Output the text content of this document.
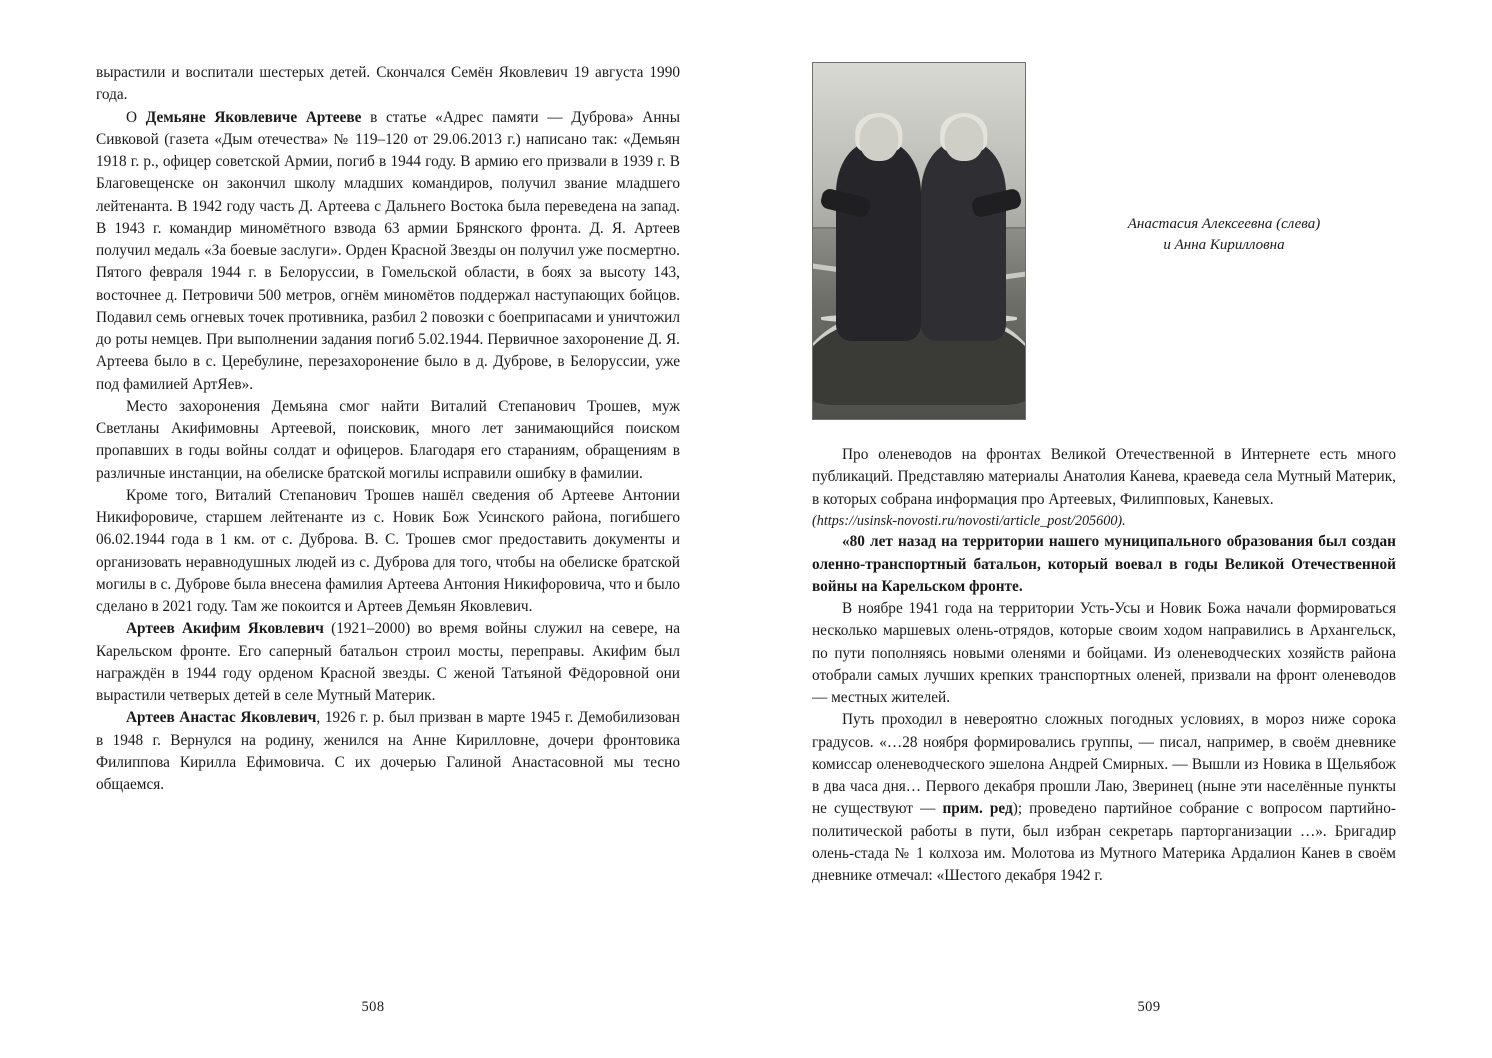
вырастили и воспитали шестерых детей. Скончался Семён Яковлевич 19 августа 1990 года.

О Демьяне Яковлевиче Артееве в статье «Адрес памяти — Дуброва» Анны Сивковой (газета «Дым отечества» № 119–120 от 29.06.2013 г.) написано так: «Демьян 1918 г. р., офицер советской Армии, погиб в 1944 году. В армию его призвали в 1939 г. В Благовещенске он закончил школу младших командиров, получил звание младшего лейтенанта. В 1942 году часть Д. Артеева с Дальнего Востока была переведена на запад. В 1943 г. командир миномётного взвода 63 армии Брянского фронта. Д. Я. Артеев получил медаль «За боевые заслуги». Орден Красной Звезды он получил уже посмертно. Пятого февраля 1944 г. в Белоруссии, в Гомельской области, в боях за высоту 143, восточнее д. Петровичи 500 метров, огнём миномётов поддержал наступающих бойцов. Подавил семь огневых точек противника, разбил 2 повозки с боеприпасами и уничтожил до роты немцев. При выполнении задания погиб 5.02.1944. Первичное захоронение Д. Я. Артеева было в с. Церебулине, перезахоронение было в д. Дуброве, в Белоруссии, уже под фамилией АртЯев».

Место захоронения Демьяна смог найти Виталий Степанович Трошев, муж Светланы Акифимовны Артеевой, поисковик, много лет занимающийся поиском пропавших в годы войны солдат и офицеров. Благодаря его стараниям, обращениям в различные инстанции, на обелиске братской могилы исправили ошибку в фамилии.

Кроме того, Виталий Степанович Трошев нашёл сведения об Артееве Антонии Никифоровиче, старшем лейтенанте из с. Новик Бож Усинского района, погибшего 06.02.1944 года в 1 км. от с. Дуброва. В. С. Трошев смог предоставить документы и организовать неравнодушных людей из с. Дуброва для того, чтобы на обелиске братской могилы в с. Дуброве была внесена фамилия Артеева Антония Никифоровича, что и было сделано в 2021 году. Там же покоится и Артеев Демьян Яковлевич.

Артеев Акифим Яковлевич (1921–2000) во время войны служил на севере, на Карельском фронте. Его саперный батальон строил мосты, переправы. Акифим был награждён в 1944 году орденом Красной звезды. С женой Татьяной Фёдоровной они вырастили четверых детей в селе Мутный Материк.

Артеев Анастас Яковлевич, 1926 г. р. был призван в марте 1945 г. Демобилизован в 1948 г. Вернулся на родину, женился на Анне Кирилловне, дочери фронтовика Филиппова Кирилла Ефимовича. С их дочерью Галиной Анастасовной мы тесно общаемся.

508
Анастасия Алексеевна (слева)
и Анна Кирилловна

Про оленеводов на фронтах Великой Отечественной в Интернете есть много публикаций. Представляю материалы Анатолия Канева, краеведа села Мутный Материк, в которых собрана информация про Артеевых, Филипповых, Каневых.

(https://usinsk-novosti.ru/novosti/article_post/205600).

«80 лет назад на территории нашего муниципального образования был создан оленно-транспортный батальон, который воевал в годы Великой Отечественной войны на Карельском фронте.

В ноябре 1941 года на территории Усть-Усы и Новик Божа начали формироваться несколько маршевых олень-отрядов, которые своим ходом направились в Архангельск, по пути пополняясь новыми оленями и бойцами. Из оленеводческих хозяйств района отобрали самых лучших крепких транспортных оленей, призвали на фронт оленеводов — местных жителей.

Путь проходил в невероятно сложных погодных условиях, в мороз ниже сорока градусов. «…28 ноября формировались группы, — писал, например, в своём дневнике комиссар оленеводческого эшелона Андрей Смирных. — Вышли из Новика в Щельябож в два часа дня… Первого декабря прошли Лаю, Зверинец (ныне эти населённые пункты не существуют — прим. ред); проведено партийное собрание с вопросом партийно-политической работы в пути, был избран секретарь парторганизации …». Бригадир олень-стада № 1 колхоза им. Молотова из Мутного Материка Ардалион Канев в своём дневнике отмечал: «Шестого декабря 1942 г.

509
